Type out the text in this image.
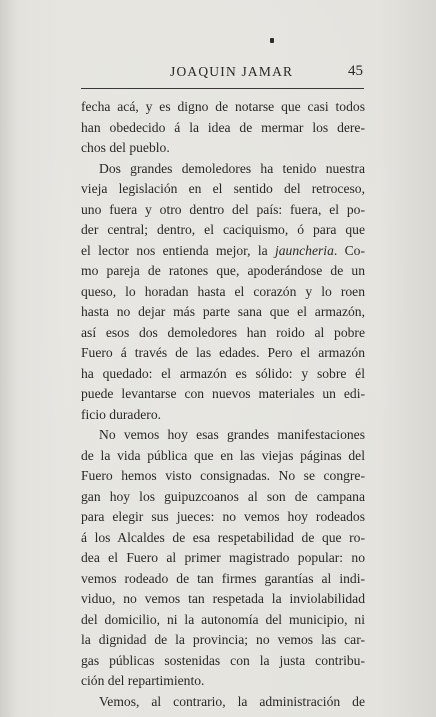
JOAQUIN JAMAR	45
fecha acá, y es digno de notarse que casi todos
han obedecido á la idea de mermar los dere-
chos del pueblo.
Dos grandes demoledores ha tenido nuestra
vieja legislación en el sentido del retroceso,
uno fuera y otro dentro del país: fuera, el po-
der central; dentro, el caciquismo, ó para que
el lector nos entienda mejor, la jauncheria. Co-
mo pareja de ratones que, apoderándose de un
queso, lo horadan hasta el corazón y lo roen
hasta no dejar más parte sana que el armazón,
así esos dos demoledores han roido al pobre
Fuero á través de las edades. Pero el armazón
ha quedado: el armazón es sólido: y sobre él
puede levantarse con nuevos materiales un edi-
ficio duradero.
No vemos hoy esas grandes manifestaciones
de la vida pública que en las viejas páginas del
Fuero hemos visto consignadas. No se congre-
gan hoy los guipuzcoanos al son de campana
para elegir sus jueces: no vemos hoy rodeados
á los Alcaldes de esa respetabilidad de que ro-
dea el Fuero al primer magistrado popular: no
vemos rodeado de tan firmes garantías al indi-
viduo, no vemos tan respetada la inviolabilidad
del domicilio, ni la autonomía del municipio, ni
la dignidad de la provincia; no vemos las car-
gas públicas sostenidas con la justa contribu-
ción del repartimiento.
Vemos, al contrario, la administración de
